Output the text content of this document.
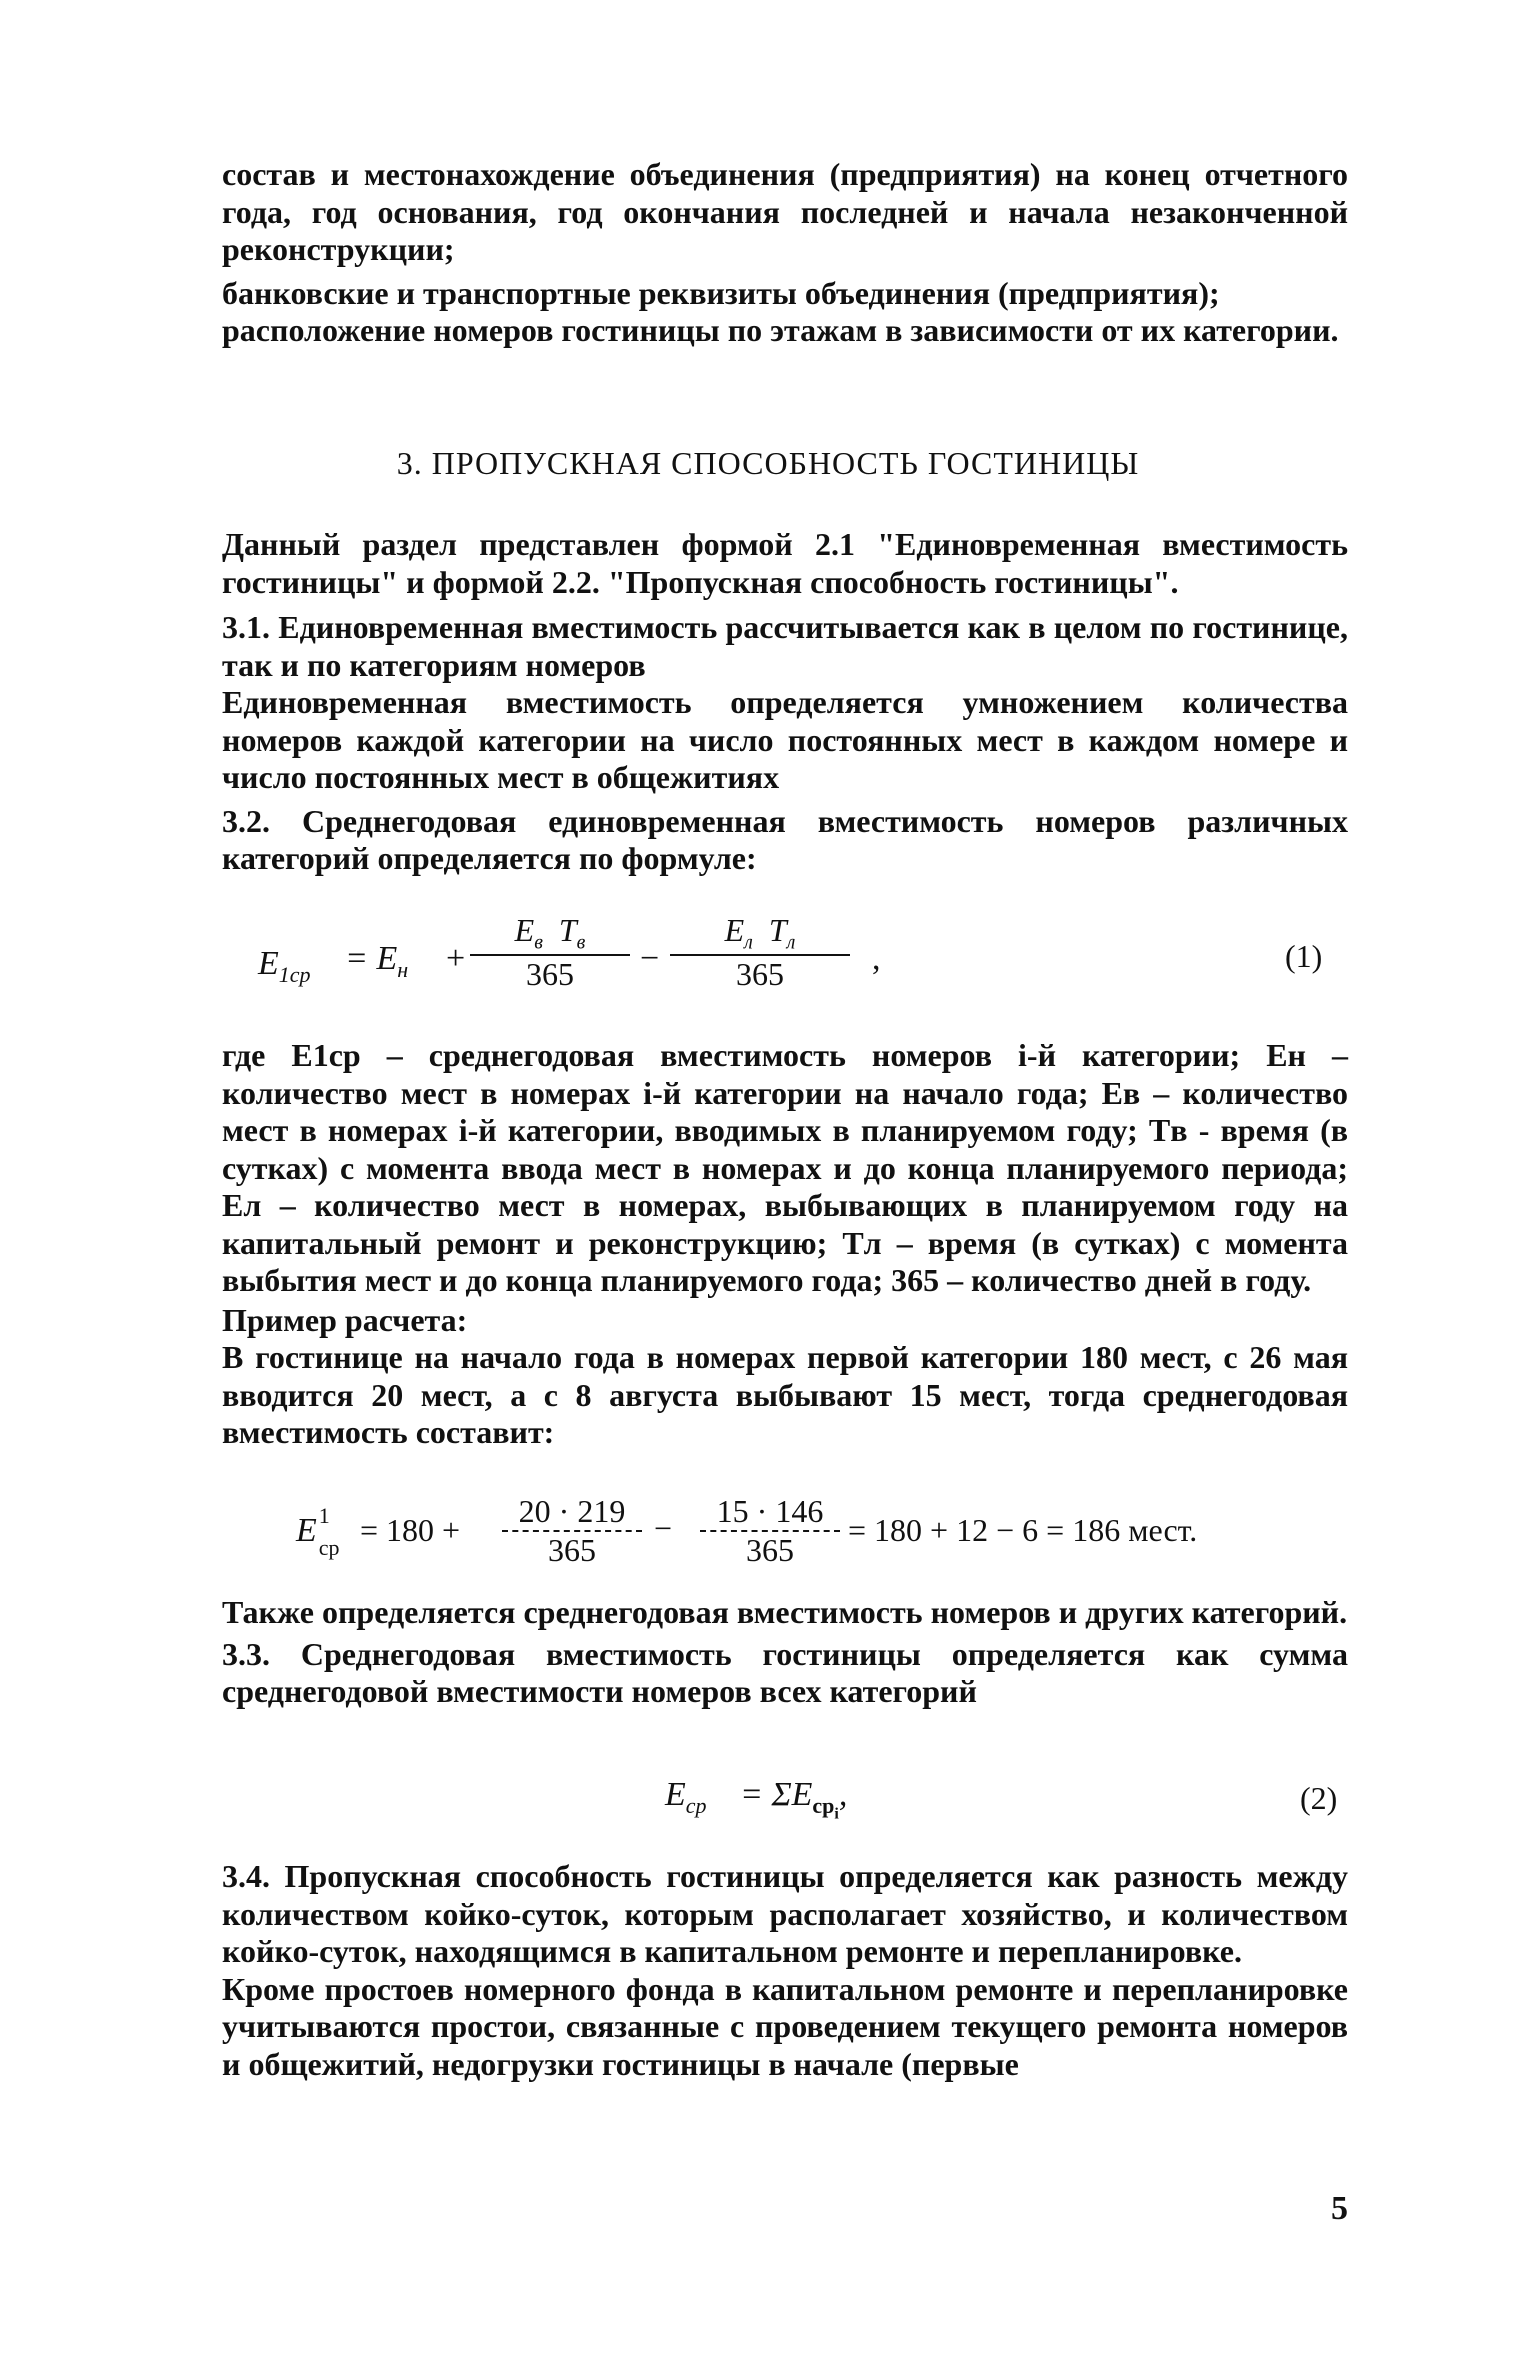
состав и местонахождение объединения (предприятия) на конец отчетного года, год основания, год окончания последней и начала незаконченной реконструкции;

банковские и транспортные реквизиты объединения (предприятия);

расположение номеров гостиницы по этажам в зависимости от их категории.

3. ПРОПУСКНАЯ СПОСОБНОСТЬ ГОСТИНИЦЫ

Данный раздел представлен формой 2.1 "Единовременная вместимость гостиницы" и формой 2.2. "Пропускная способность гостиницы".

3.1. Единовременная вместимость рассчитывается как в целом по гостинице, так и по категориям номеров

Единовременная вместимость определяется умножением количества номеров каждой категории на число постоянных мест в каждом номере и число постоянных мест в общежитиях

3.2. Среднегодовая единовременная вместимость номеров различных категорий определяется по формуле:

$E_{1ср} = E_н$ +
$E_в$ $T_в$
365	−
$E_л$ $T_л$
365	,	(1)

где E1ср – среднегодовая вместимость номеров i-й категории; Eн – количество мест в номерах i-й категории на начало года; Eв – количество мест в номерах i-й категории, вводимых в планируемом году; Tв - время (в сутках) с момента ввода мест в номерах и до конца планируемого периода; Eл – количество мест в номерах, выбывающих в планируемом году на капитальный ремонт и реконструкцию; Tл – время (в сутках) с момента выбытия мест и до конца планируемого года; 365 – количество дней в году.

Пример расчета:

В гостинице на начало года в номерах первой категории 180 мест, с 26 мая вводится 20 мест, а с 8 августа выбывают 15 мест, тогда среднегодовая вместимость составит:

E 1
ср = $180 + \frac{20 \cdot 219}{365} - \frac{15 \cdot 146}{365} = 180 + 12 - 6 = 186$ мест.

Также определяется среднегодовая вместимость номеров и других категорий.

3.3. Среднегодовая вместимость гостиницы определяется как сумма среднегодовой вместимости номеров всех категорий

$E_{ср} = \Sigma E_{ср_i}$,	(2)

3.4. Пропускная способность гостиницы определяется как разность между количеством койко-суток, которым располагает хозяйство, и количеством койко-суток, находящимся в капитальном ремонте и перепланировке.

Кроме простоев номерного фонда в капитальном ремонте и перепланировке учитываются простои, связанные с проведением текущего ремонта номеров и общежитий, недогрузки гостиницы в начале (первые

5
